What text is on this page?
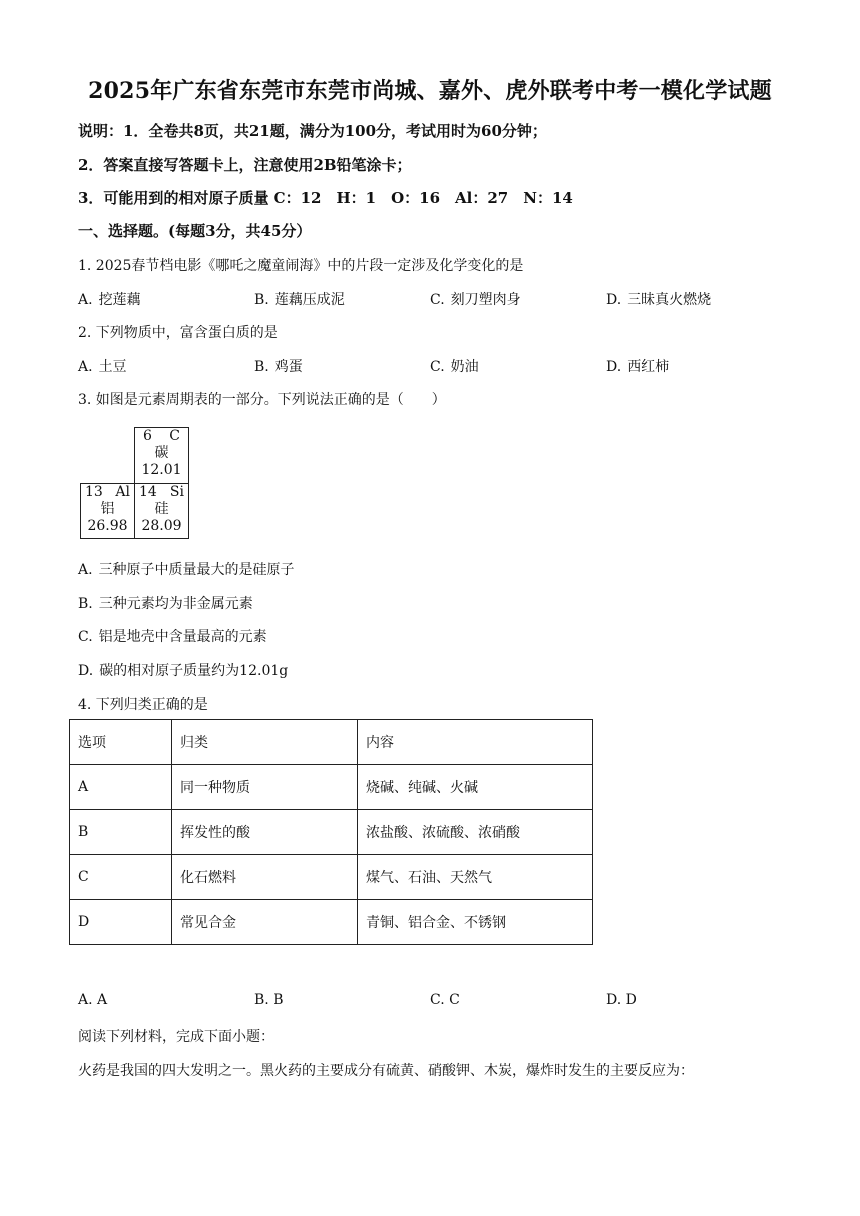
2025年广东省东莞市东莞市尚城、嘉外、虎外联考中考一模化学试题
说明：1．全卷共8页，共21题，满分为100分，考试用时为60分钟；
2．答案直接写答题卡上，注意使用2B铅笔涂卡；
3．可能用到的相对原子质量 C：12　H：1　O：16　Al：27　N：14
一、选择题。(每题3分，共45分）
1. 2025春节档电影《哪吒之魔童闹海》中的片段一定涉及化学变化的是
A. 挖莲藕	B. 莲藕压成泥	C. 刻刀塑肉身	D. 三昧真火燃烧
2. 下列物质中，富含蛋白质的是
A. 土豆	B. 鸡蛋	C. 奶油	D. 西红柿
3. 如图是元素周期表的一部分。下列说法正确的是（　　）
6 C
碳
12.01
13 Al
铝
26.98
14 Si
硅
28.09
A. 三种原子中质量最大的是硅原子
B. 三种元素均为非金属元素
C. 铝是地壳中含量最高的元素
D. 碳的相对原子质量约为12.01g
4. 下列归类正确的是
选项	归类	内容
A	同一种物质	烧碱、纯碱、火碱
B	挥发性的酸	浓盐酸、浓硫酸、浓硝酸
C	化石燃料	煤气、石油、天然气
D	常见合金	青铜、铝合金、不锈钢
A. A	B. B	C. C	D. D
阅读下列材料，完成下面小题：
火药是我国的四大发明之一。黑火药的主要成分有硫黄、硝酸钾、木炭，爆炸时发生的主要反应为：
